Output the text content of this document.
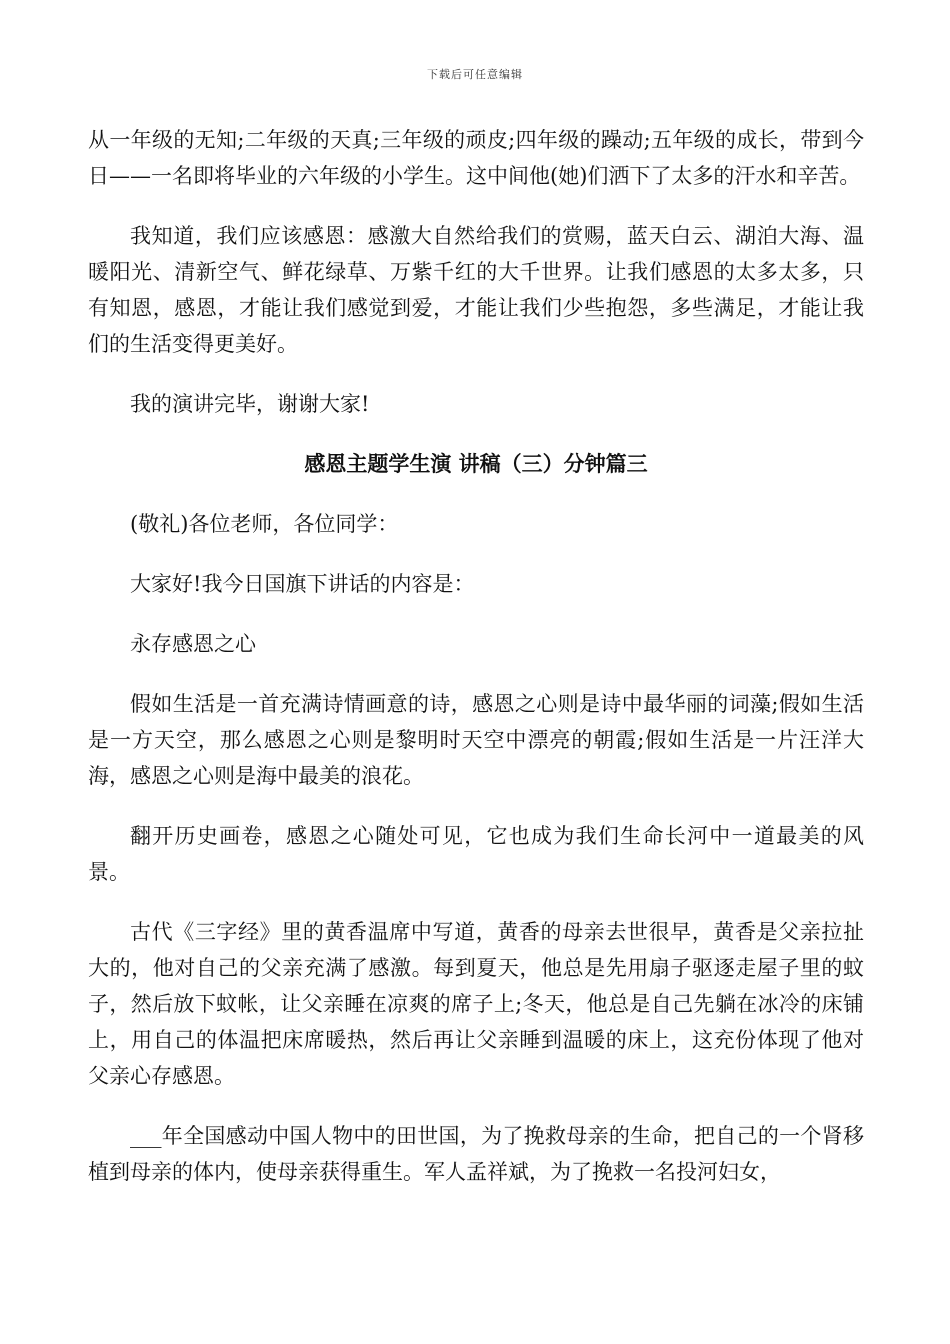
下载后可任意编辑

从一年级的无知;二年级的天真;三年级的顽皮;四年级的躁动;五年级的成长，带到今日——一名即将毕业的六年级的小学生。这中间他(她)们洒下了太多的汗水和辛苦。

我知道，我们应该感恩：感激大自然给我们的赏赐，蓝天白云、湖泊大海、温暖阳光、清新空气、鲜花绿草、万紫千红的大千世界。让我们感恩的太多太多，只有知恩，感恩，才能让我们感觉到爱，才能让我们少些抱怨，多些满足，才能让我们的生活变得更美好。

我的演讲完毕，谢谢大家!

感恩主题学生演 讲稿（三）分钟篇三

(敬礼)各位老师，各位同学：

大家好!我今日国旗下讲话的内容是：

永存感恩之心

假如生活是一首充满诗情画意的诗，感恩之心则是诗中最华丽的词藻;假如生活是一方天空，那么感恩之心则是黎明时天空中漂亮的朝霞;假如生活是一片汪洋大海，感恩之心则是海中最美的浪花。

翻开历史画卷，感恩之心随处可见，它也成为我们生命长河中一道最美的风景。

古代《三字经》里的黄香温席中写道，黄香的母亲去世很早，黄香是父亲拉扯大的，他对自己的父亲充满了感激。每到夏天，他总是先用扇子驱逐走屋子里的蚊子，然后放下蚊帐，让父亲睡在凉爽的席子上;冬天，他总是自己先躺在冰冷的床铺上，用自己的体温把床席暖热，然后再让父亲睡到温暖的床上，这充份体现了他对父亲心存感恩。

___年全国感动中国人物中的田世国，为了挽救母亲的生命，把自己的一个肾移植到母亲的体内，使母亲获得重生。军人孟祥斌，为了挽救一名投河妇女，
